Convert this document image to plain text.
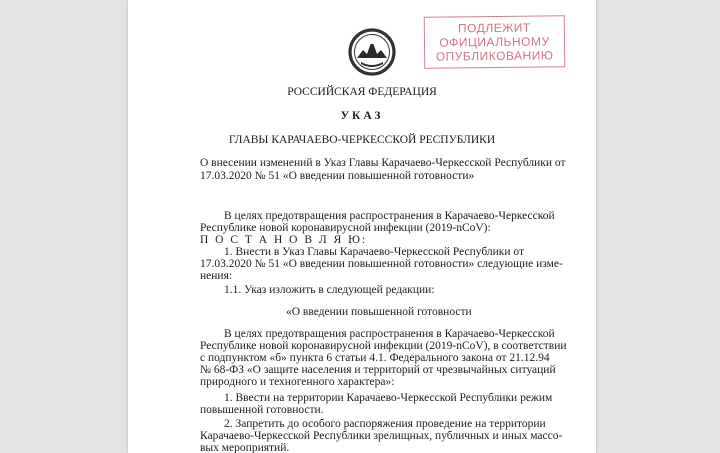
ПОДЛЕЖИТ
ОФИЦИАЛЬНОМУ
ОПУБЛИКОВАНИЮ
РОССИЙСКАЯ ФЕДЕРАЦИЯ
УКАЗ
ГЛАВЫ КАРАЧАЕВО-ЧЕРКЕССКОЙ РЕСПУБЛИКИ
О внесении изменений в Указ Главы Карачаево-Черкесской Республики от
17.03.2020 № 51 «О введении повышенной готовности»
В целях предотвращения распространения в Карачаево-Черкесской
Республике новой коронавирусной инфекции (2019-nCoV):
П О С Т А Н О В Л Я Ю:
1. Внести в Указ Главы Карачаево-Черкесской Республики от
17.03.2020 № 51 «О введении повышенной готовности» следующие изме-
нения:
1.1. Указ изложить в следующей редакции:
«О введении повышенной готовности
В целях предотвращения распространения в Карачаево-Черкесской
Республике новой коронавирусной инфекции (2019-nCoV), в соответствии
с подпунктом «б» пункта 6 статьи 4.1. Федерального закона от 21.12.94
№ 68-ФЗ «О защите населения и территорий от чрезвычайных ситуаций
природного и техногенного характера»:
1. Ввести на территории Карачаево-Черкесской Республики режим
повышенной готовности.
2. Запретить до особого распоряжения проведение на территории
Карачаево-Черкесской Республики зрелищных, публичных и иных массо-
вых мероприятий.
